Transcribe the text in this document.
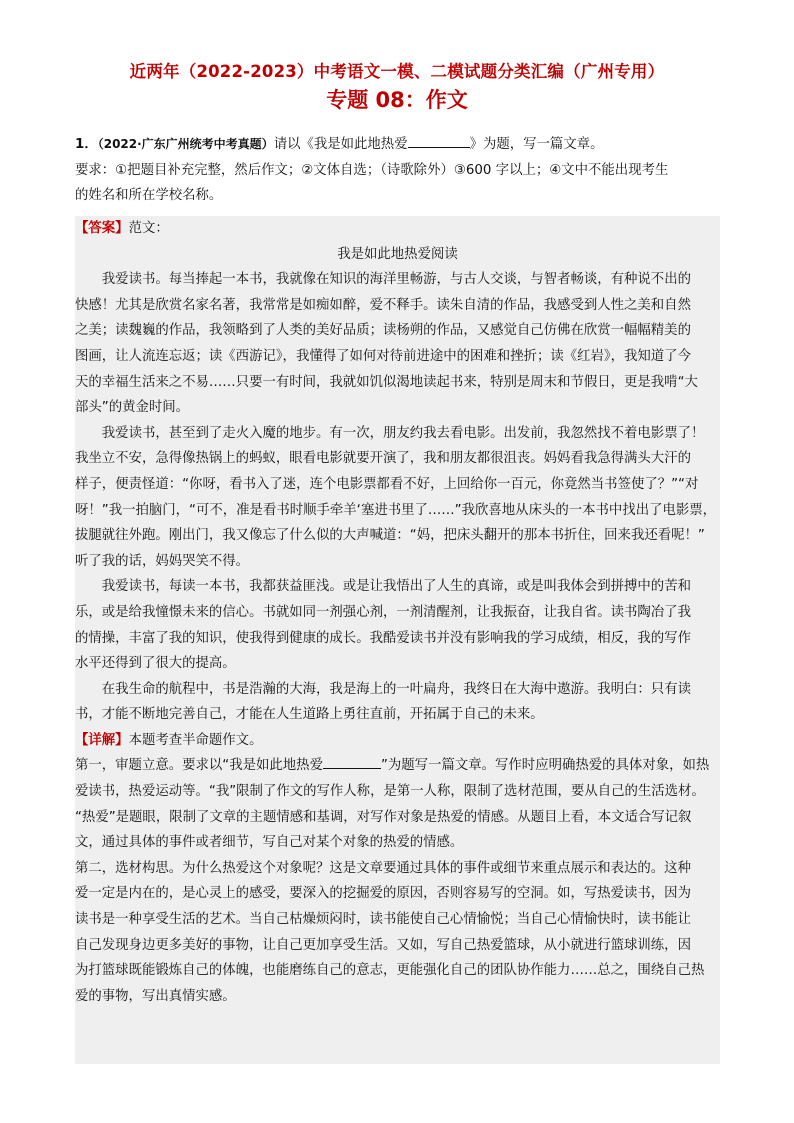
近两年（2022-2023）中考语文一模、二模试题分类汇编（广州专用）
专题 08：作文

1．（2022·广东广州统考中考真题）请以《我是如此地热爱	》为题，写一篇文章。

要求：①把题目补充完整，然后作文；②文体自选；（诗歌除外）③600 字以上；④文中不能出现考生

的姓名和所在学校名称。

【答案】范文：

我是如此地热爱阅读

我爱读书。每当捧起一本书，我就像在知识的海洋里畅游，与古人交谈，与智者畅谈，有种说不出的
快感！尤其是欣赏名家名著，我常常是如痴如醉，爱不释手。读朱自清的作品，我感受到人性之美和自然
之美；读魏巍的作品，我领略到了人类的美好品质；读杨朔的作品，又感觉自己仿佛在欣赏一幅幅精美的
图画，让人流连忘返；读《西游记》，我懂得了如何对待前进途中的困难和挫折；读《红岩》，我知道了今
天的幸福生活来之不易……只要一有时间，我就如饥似渴地读起书来，特别是周末和节假日，更是我啃“大
部头”的黄金时间。
我爱读书，甚至到了走火入魔的地步。有一次，朋友约我去看电影。出发前，我忽然找不着电影票了！
我坐立不安，急得像热锅上的蚂蚁，眼看电影就要开演了，我和朋友都很沮丧。妈妈看我急得满头大汗的
样子，便责怪道：“你呀，看书入了迷，连个电影票都看不好，上回给你一百元，你竟然当书签使了？”“对
呀！”我一拍脑门，“可不，准是看书时顺手牵羊‘塞进书里了……”我欣喜地从床头的一本书中找出了电影票，
拔腿就往外跑。刚出门，我又像忘了什么似的大声喊道：“妈，把床头翻开的那本书折住，回来我还看呢！”
听了我的话，妈妈哭笑不得。
我爱读书，每读一本书，我都获益匪浅。或是让我悟出了人生的真谛，或是叫我体会到拼搏中的苦和
乐，或是给我憧憬未来的信心。书就如同一剂强心剂，一剂清醒剂，让我振奋，让我自省。读书陶冶了我
的情操，丰富了我的知识，使我得到健康的成长。我酷爱读书并没有影响我的学习成绩，相反，我的写作
水平还得到了很大的提高。
在我生命的航程中，书是浩瀚的大海，我是海上的一叶扁舟，我终日在大海中遨游。我明白：只有读
书，才能不断地完善自己，才能在人生道路上勇往直前，开拓属于自己的未来。

【详解】本题考查半命题作文。

第一，审题立意。要求以“我是如此地热爱	”为题写一篇文章。写作时应明确热爱的具体对象，如热
爱读书，热爱运动等。“我”限制了作文的写作人称，是第一人称，限制了选材范围，要从自己的生活选材。
“热爱”是题眼，限制了文章的主题情感和基调，对写作对象是热爱的情感。从题目上看，本文适合写记叙
文，通过具体的事件或者细节，写自己对某个对象的热爱的情感。
第二，选材构思。为什么热爱这个对象呢？这是文章要通过具体的事件或细节来重点展示和表达的。这种
爱一定是内在的，是心灵上的感受，要深入的挖掘爱的原因，否则容易写的空洞。如，写热爱读书，因为
读书是一种享受生活的艺术。当自己枯燥烦闷时，读书能使自己心情愉悦；当自己心情愉快时，读书能让
自己发现身边更多美好的事物，让自己更加享受生活。又如，写自己热爱篮球，从小就进行篮球训练，因
为打篮球既能锻炼自己的体魄，也能磨练自己的意志，更能强化自己的团队协作能力……总之，围绕自己热
爱的事物，写出真情实感。
